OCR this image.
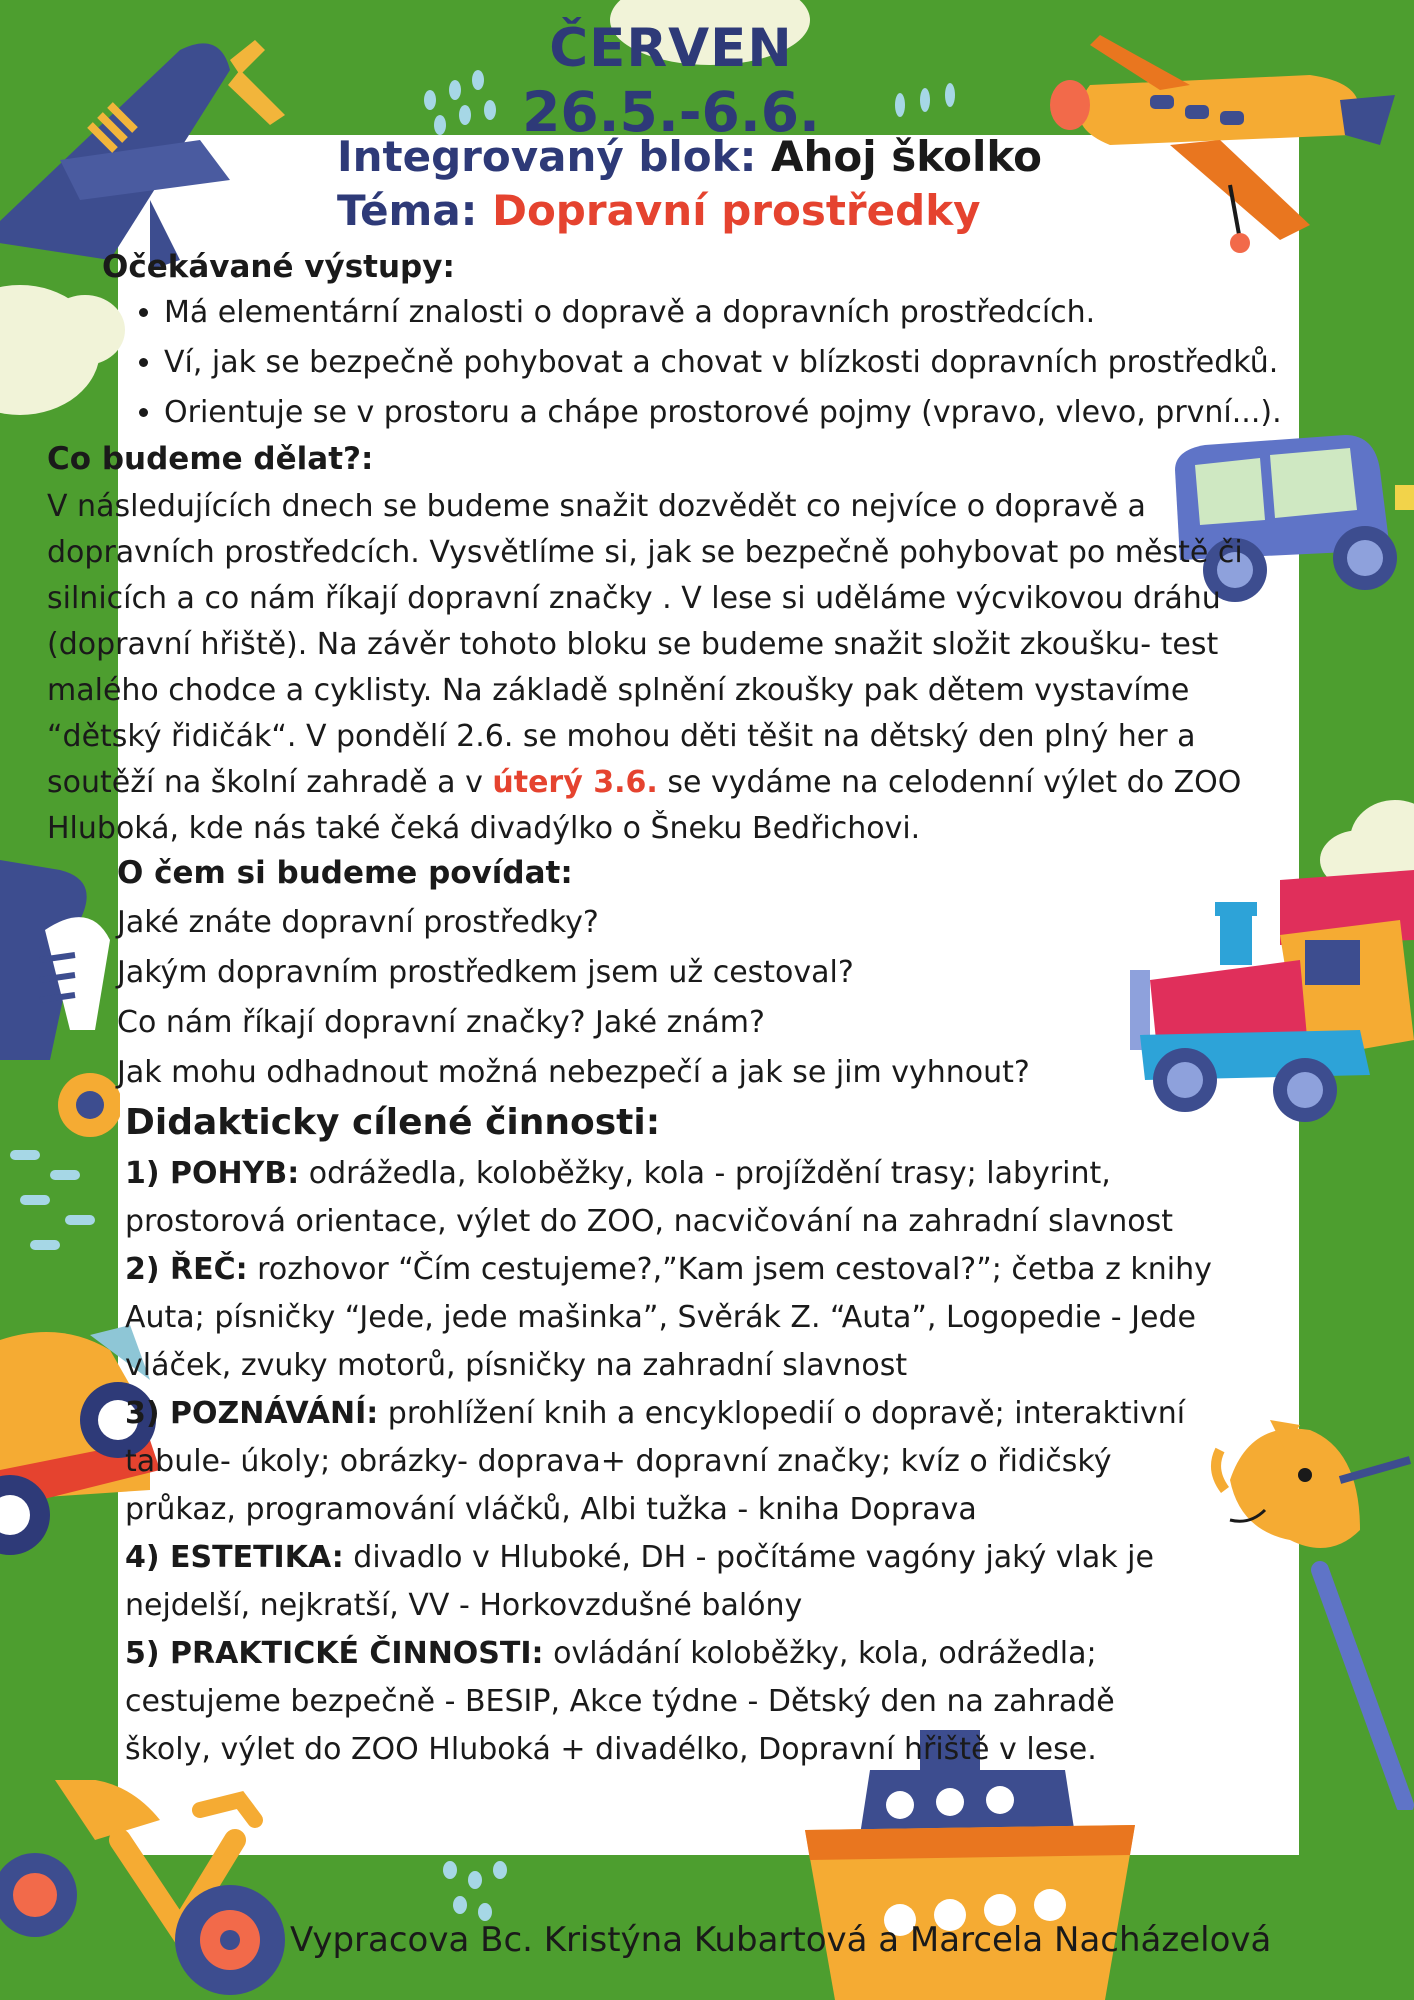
ČERVEN
26.5.-6.6.
Integrovaný blok: Ahoj školko
Téma: Dopravní prostředky
Očekávané výstupy:
• Má elementární znalosti o dopravě a dopravních prostředcích.
• Ví, jak se bezpečně pohybovat a chovat v blízkosti dopravních prostředků.
• Orientuje se v prostoru a chápe prostorové pojmy (vpravo, vlevo, první...).
Co budeme dělat?:
V následujících dnech se budeme snažit dozvědět co nejvíce o dopravě a
dopravních prostředcích. Vysvětlíme si, jak se bezpečně pohybovat po městě či
silnicích a co nám říkají dopravní značky . V lese si uděláme výcvikovou dráhu
(dopravní hřiště). Na závěr tohoto bloku se budeme snažit složit zkoušku- test
malého chodce a cyklisty. Na základě splnění zkoušky pak dětem vystavíme
“dětský řidičák“. V pondělí 2.6. se mohou děti těšit na dětský den plný her a
soutěží na školní zahradě a v úterý 3.6. se vydáme na celodenní výlet do ZOO
Hluboká, kde nás také čeká divadýlko o Šneku Bedřichovi.
O čem si budeme povídat:
Jaké znáte dopravní prostředky?
Jakým dopravním prostředkem jsem už cestoval?
Co nám říkají dopravní značky? Jaké znám?
Jak mohu odhadnout možná nebezpečí a jak se jim vyhnout?
Didakticky cílené činnosti:
1) POHYB: odrážedla, koloběžky, kola - projíždění trasy; labyrint,
prostorová orientace, výlet do ZOO, nacvičování na zahradní slavnost
2) ŘEČ: rozhovor “Čím cestujeme?,”Kam jsem cestoval?”; četba z knihy
Auta; písničky “Jede, jede mašinka”, Svěrák Z. “Auta”, Logopedie - Jede
vláček, zvuky motorů, písničky na zahradní slavnost
3) POZNÁVÁNÍ: prohlížení knih a encyklopedií o dopravě; interaktivní
tabule- úkoly; obrázky- doprava+ dopravní značky; kvíz o řidičský
průkaz, programování vláčků, Albi tužka - kniha Doprava
4) ESTETIKA: divadlo v Hluboké, DH - počítáme vagóny jaký vlak je
nejdelší, nejkratší, VV - Horkovzdušné balóny
5) PRAKTICKÉ ČINNOSTI: ovládání koloběžky, kola, odrážedla;
cestujeme bezpečně - BESIP, Akce týdne - Dětský den na zahradě
školy, výlet do ZOO Hluboká + divadélko, Dopravní hřiště v lese.
Vypracova Bc. Kristýna Kubartová a Marcela Nacházelová
